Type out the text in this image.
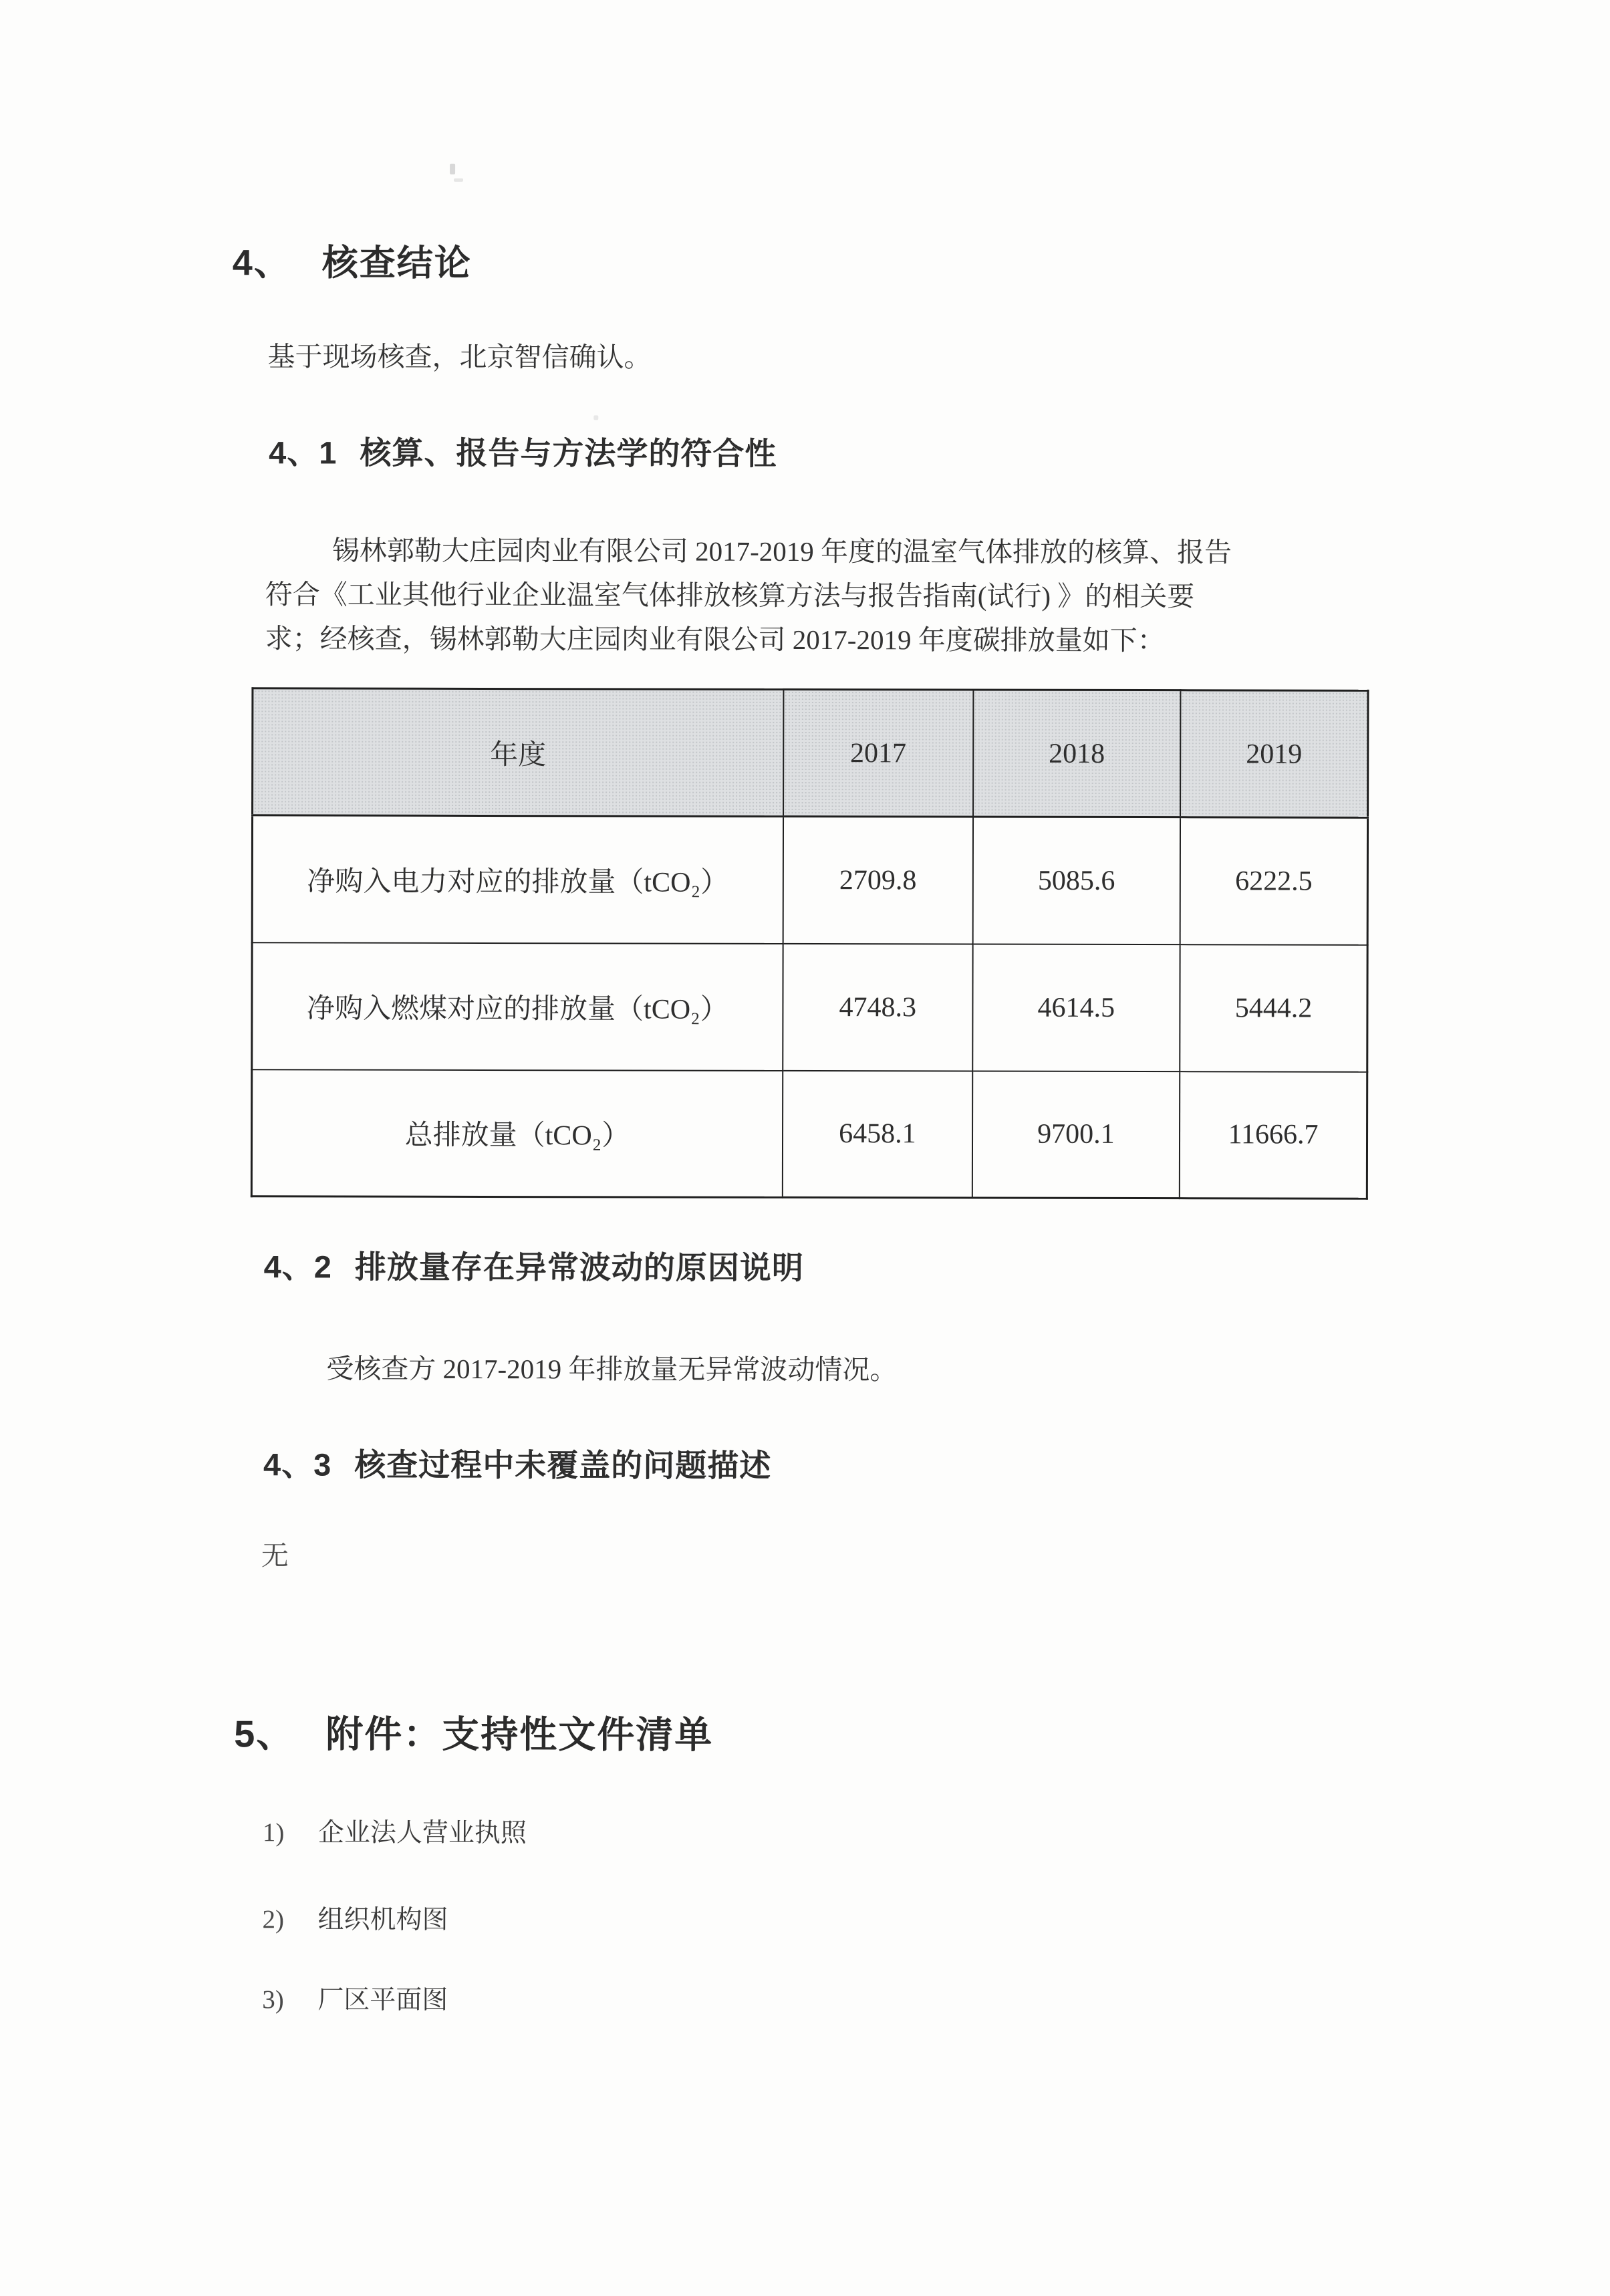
4、 核查结论
基于现场核查，北京智信确认。
4、1 核算、报告与方法学的符合性
锡林郭勒大庄园肉业有限公司 2017-2019 年度的温室气体排放的核算、报告
符合《工业其他行业企业温室气体排放核算方法与报告指南(试行) 》的相关要
求；经核查，锡林郭勒大庄园肉业有限公司 2017-2019 年度碳排放量如下：
年度	2017	2018	2019
净购入电力对应的排放量（tCO₂）	2709.8	5085.6	6222.5
净购入燃煤对应的排放量（tCO₂）	4748.3	4614.5	5444.2
总排放量（tCO₂）	6458.1	9700.1	11666.7
4、2 排放量存在异常波动的原因说明
受核查方 2017-2019 年排放量无异常波动情况。
4、3 核查过程中未覆盖的问题描述
无
5、 附件：支持性文件清单
1) 企业法人营业执照
2) 组织机构图
3) 厂区平面图
